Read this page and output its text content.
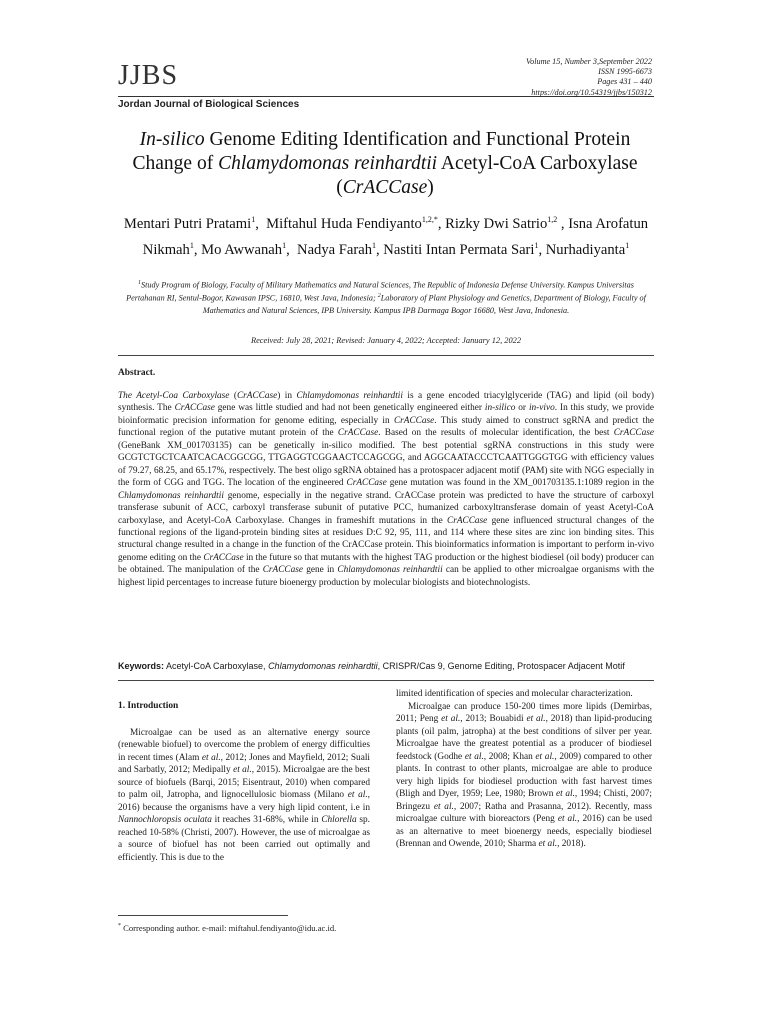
JJBS
Jordan Journal of Biological Sciences
Volume 15, Number 3,September 2022
ISSN 1995-6673
Pages 431 – 440
https://doi.org/10.54319/jjbs/150312
In-silico Genome Editing Identification and Functional Protein Change of Chlamydomonas reinhardtii Acetyl-CoA Carboxylase (CrACCase)
Mentari Putri Pratami$^1$,  Miftahul Huda Fendiyanto$^{1,2,*}$, Rizky Dwi Satrio$^{1,2}$ , Isna Arofatun Nikmah$^1$, Mo Awwanah$^1$,  Nadya Farah$^1$, Nastiti Intan Permata Sari$^1$, Nurhadiyanta$^1$
$^1$Study Program of Biology, Faculty of Military Mathematics and Natural Sciences, The Republic of Indonesia Defense University. Kampus Universitas Pertahanan RI, Sentul-Bogor, Kawasan IPSC, 16810, West Java, Indonesia; $^2$Laboratory of Plant Physiology and Genetics, Department of Biology, Faculty of Mathematics and Natural Sciences, IPB University. Kampus IPB Darmaga Bogor 16680, West Java, Indonesia.
Received: July 28, 2021; Revised: January 4, 2022; Accepted: January 12, 2022
Abstract.
The Acetyl-Coa Carboxylase (CrACCase) in Chlamydomonas reinhardtii is a gene encoded triacylglyceride (TAG) and lipid (oil body) synthesis. The CrACCase gene was little studied and had not been genetically engineered either in-silico or in-vivo. In this study, we provide bioinformatic precision information for genome editing, especially in CrACCase. This study aimed to construct sgRNA and predict the functional region of the putative mutant protein of the CrACCase. Based on the results of molecular identification, the best CrACCase (GeneBank XM_001703135) can be genetically in-silico modified. The best potential sgRNA constructions in this study were GCGTCTGCTCAATCACACGGCGG, TTGAGGTCGGAACTCCAGCGG, and AGGCAATACCCTCAATTGGGTGG with efficiency values of 79.27, 68.25, and 65.17%, respectively. The best oligo sgRNA obtained has a protospacer adjacent motif (PAM) site with NGG especially in the form of CGG and TGG. The location of the engineered CrACCase gene mutation was found in the XM_001703135.1:1089 region in the Chlamydomonas reinhardtii genome, especially in the negative strand. CrACCase protein was predicted to have the structure of carboxyl transferase subunit of ACC, carboxyl transferase subunit of putative PCC, humanized carboxyltransferase domain of yeast Acetyl-CoA carboxylase, and Acetyl-CoA Carboxylase. Changes in frameshift mutations in the CrACCase gene influenced structural changes of the functional regions of the ligand-protein binding sites at residues D:C 92, 95, 111, and 114 where these sites are zinc ion binding sites. This structural change resulted in a change in the function of the CrACCase protein. This bioinformatics information is important to perform in-vivo genome editing on the CrACCase in the future so that mutants with the highest TAG production or the highest biodiesel (oil body) producer can be obtained. The manipulation of the CrACCase gene in Chlamydomonas reinhardtii can be applied to other microalgae organisms with the highest lipid percentages to increase future bioenergy production by molecular biologists and biotechnologists.
Keywords: Acetyl-CoA Carboxylase, Chlamydomonas reinhardtii, CRISPR/Cas 9, Genome Editing, Protospacer Adjacent Motif

1. Introduction

Microalgae can be used as an alternative energy source (renewable biofuel) to overcome the problem of energy difficulties in recent times (Alam et al., 2012; Jones and Mayfield, 2012; Suali and Sarbatly, 2012; Medipally et al., 2015). Microalgae are the best source of biofuels (Barqi, 2015; Eisentraut, 2010) when compared to palm oil, Jatropha, and lignocellulosic biomass (Milano et al., 2016) because the organisms have a very high lipid content, i.e in Nannochloropsis oculata it reaches 31-68%, while in Chlorella sp. reached 10-58% (Christi, 2007). However, the use of microalgae as a source of biofuel has not been carried out optimally and efficiently. This is due to the

limited identification of species and molecular characterization.

Microalgae can produce 150-200 times more lipids (Demirbas, 2011; Peng et al., 2013; Bouabidi et al., 2018) than lipid-producing plants (oil palm, jatropha) at the best conditions of silver per year. Microalgae have the greatest potential as a producer of biodiesel feedstock (Godhe et al., 2008; Khan et al., 2009) compared to other plants. In contrast to other plants, microalgae are able to produce very high lipids for biodiesel production with fast harvest times (Bligh and Dyer, 1959; Lee, 1980; Brown et al., 1994; Chisti, 2007; Bringezu et al., 2007; Ratha and Prasanna, 2012). Recently, mass microalgae culture with bioreactors (Peng et al., 2016) can be used as an alternative to meet bioenergy needs, especially biodiesel (Brennan and Owende, 2010; Sharma et al., 2018).

* Corresponding author. e-mail: miftahul.fendiyanto@idu.ac.id.
